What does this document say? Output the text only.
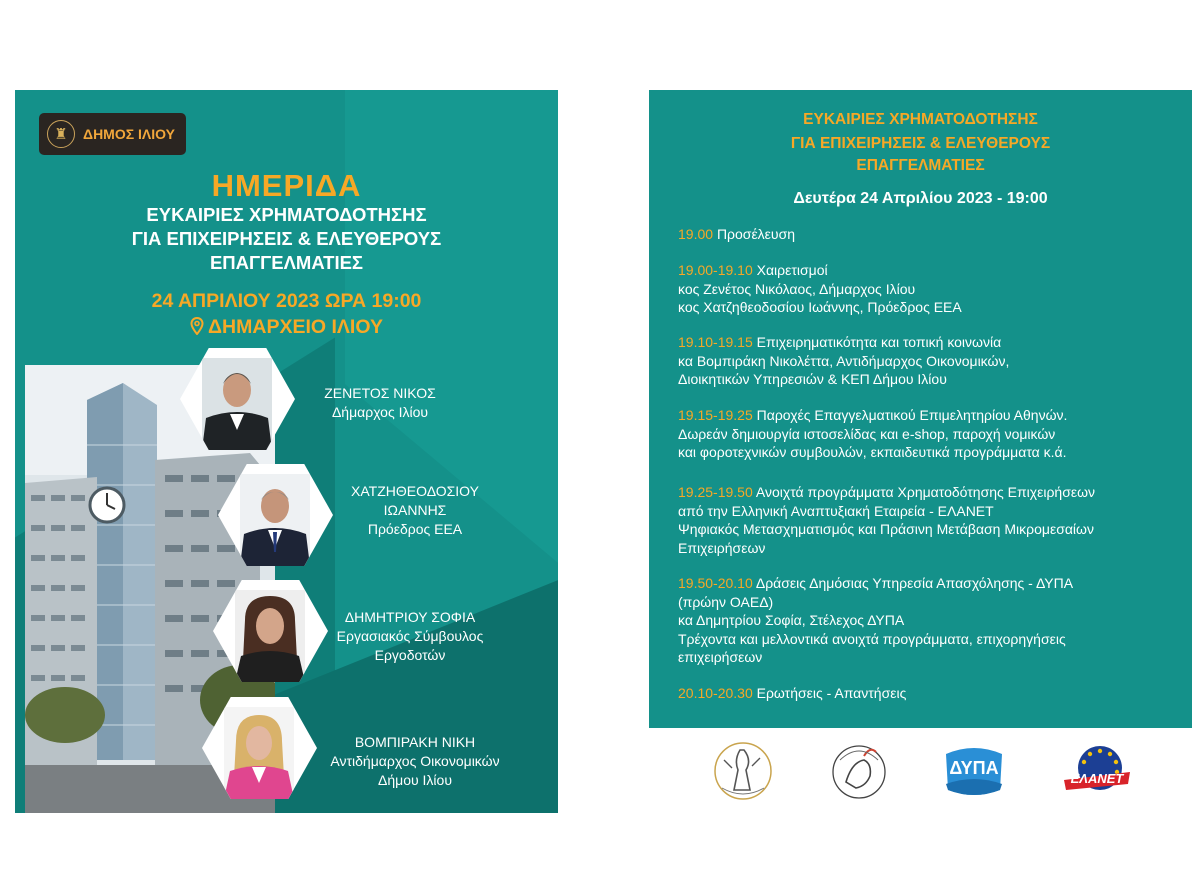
♜	ΔΗΜΟΣ ΙΛΙΟΥ
ΗΜΕΡΙΔΑ
ΕΥΚΑΙΡΙΕΣ ΧΡΗΜΑΤΟΔΟΤΗΣΗΣ
ΓΙΑ ΕΠΙΧΕΙΡΗΣΕΙΣ & ΕΛΕΥΘΕΡΟΥΣ
ΕΠΑΓΓΕΛΜΑΤΙΕΣ
24 ΑΠΡΙΛΙΟΥ 2023 ΩΡΑ 19:00
ΔΗΜΑΡΧΕΙΟ ΙΛΙΟΥ
ΖΕΝΕΤΟΣ ΝΙΚΟΣ
Δήμαρχος Ιλίου
ΧΑΤΖΗΘΕΟΔΟΣΙΟΥ
ΙΩΑΝΝΗΣ
Πρόεδρος ΕΕΑ
ΔΗΜΗΤΡΙΟΥ ΣΟΦΙΑ
Εργασιακός Σύμβουλος
Εργοδοτών
ΒΟΜΠΙΡΑΚΗ ΝΙΚΗ
Αντιδήμαρχος Οικονομικών
Δήμου Ιλίου
ΕΥΚΑΙΡΙΕΣ ΧΡΗΜΑΤΟΔΟΤΗΣΗΣ
ΓΙΑ ΕΠΙΧΕΙΡΗΣΕΙΣ & ΕΛΕΥΘΕΡΟΥΣ
ΕΠΑΓΓΕΛΜΑΤΙΕΣ
Δευτέρα 24 Απριλίου 2023 - 19:00
19.00 Προσέλευση
19.00-19.10 Χαιρετισμοί
κος Ζενέτος Νικόλαος, Δήμαρχος Ιλίου
κος Χατζηθεοδοσίου Ιωάννης, Πρόεδρος ΕΕΑ
19.10-19.15 Επιχειρηματικότητα και τοπική κοινωνία
κα Βομπιράκη Νικολέττα, Αντιδήμαρχος Οικονομικών,
Διοικητικών Υπηρεσιών & ΚΕΠ Δήμου Ιλίου
19.15-19.25 Παροχές Επαγγελματικού Επιμελητηρίου Αθηνών.
Δωρεάν δημιουργία ιστοσελίδας και e-shop, παροχή νομικών
και φοροτεχνικών συμβουλών, εκπαιδευτικά προγράμματα κ.ά.
19.25-19.50 Ανοιχτά προγράμματα Χρηματοδότησης Επιχειρήσεων
από την Ελληνική Αναπτυξιακή Εταιρεία - ΕΛΑΝΕΤ
Ψηφιακός Μετασχηματισμός και Πράσινη Μετάβαση Μικρομεσαίων
Επιχειρήσεων
19.50-20.10 Δράσεις Δημόσιας Υπηρεσία Απασχόλησης - ΔΥΠΑ
(πρώην ΟΑΕΔ)
κα Δημητρίου Σοφία, Στέλεχος ΔΥΠΑ
Τρέχοντα και μελλοντικά ανοιχτά προγράμματα, επιχορηγήσεις
επιχειρήσεων
20.10-20.30 Ερωτήσεις - Απαντήσεις
ΔΥΠΑ
ΕΛΑΝΕΤ
